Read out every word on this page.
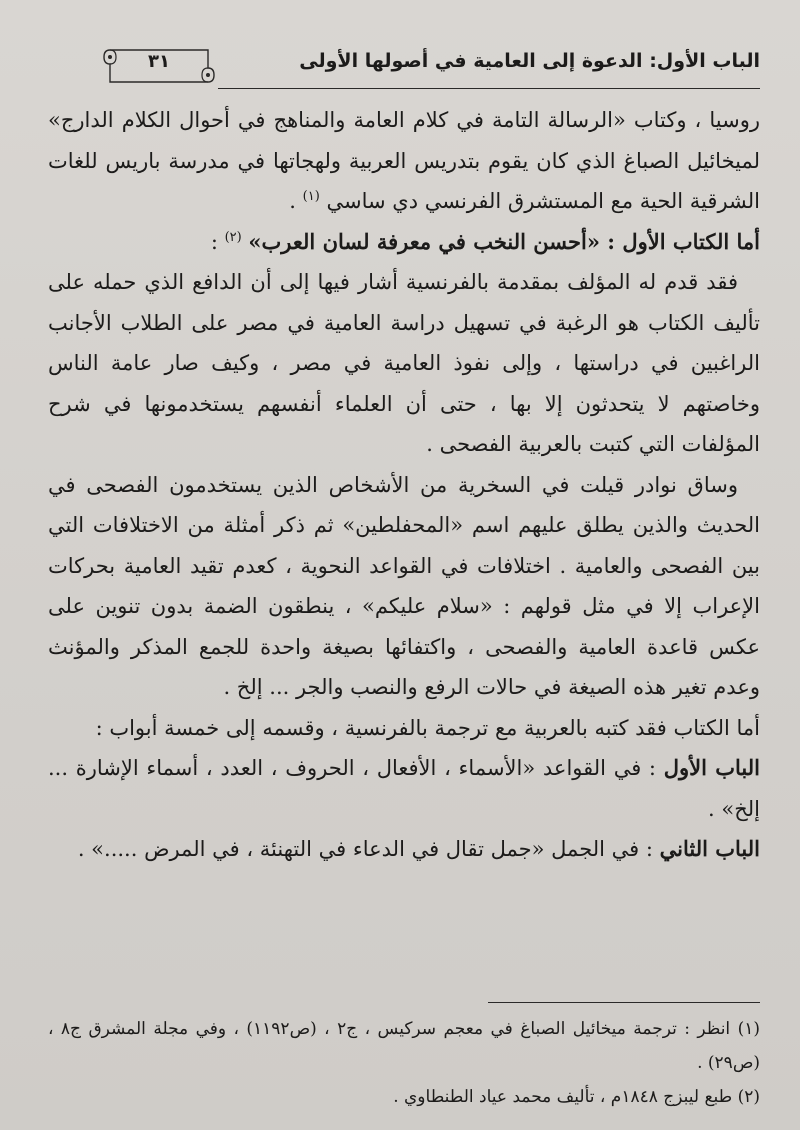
الباب الأول: الدعوة إلى العامية في أصولها الأولى
٣١

روسيا ، وكتاب «الرسالة التامة في كلام العامة والمناهج في أحوال الكلام الدارج» لميخائيل الصباغ الذي كان يقوم بتدريس العربية ولهجاتها في مدرسة باريس للغات الشرقية الحية مع المستشرق الفرنسي دي ساسي $^{(١)}$ .

أما الكتاب الأول : «أحسن النخب في معرفة لسان العرب» $^{(٢)}$ :

فقد قدم له المؤلف بمقدمة بالفرنسية أشار فيها إلى أن الدافع الذي حمله على تأليف الكتاب هو الرغبة في تسهيل دراسة العامية في مصر على الطلاب الأجانب الراغبين في دراستها ، وإلى نفوذ العامية في مصر ، وكيف صار عامة الناس وخاصتهم لا يتحدثون إلا بها ، حتى أن العلماء أنفسهم يستخدمونها في شرح المؤلفات التي كتبت بالعربية الفصحى .

وساق نوادر قيلت في السخرية من الأشخاص الذين يستخدمون الفصحى في الحديث والذين يطلق عليهم اسم «المحفلطين» ثم ذكر أمثلة من الاختلافات التي بين الفصحى والعامية . اختلافات في القواعد النحوية ، كعدم تقيد العامية بحركات الإعراب إلا في مثل قولهم : «سلام عليكم» ، ينطقون الضمة بدون تنوين على عكس قاعدة العامية والفصحى ، واكتفائها بصيغة واحدة للجمع المذكر والمؤنث وعدم تغير هذه الصيغة في حالات الرفع والنصب والجر ... إلخ .

أما الكتاب فقد كتبه بالعربية مع ترجمة بالفرنسية ، وقسمه إلى خمسة أبواب :

الباب الأول : في القواعد «الأسماء ، الأفعال ، الحروف ، العدد ، أسماء الإشارة ... إلخ» .

الباب الثاني : في الجمل «جمل تقال في الدعاء في التهنئة ، في المرض .....» .

(١) انظر : ترجمة ميخائيل الصباغ في معجم سركيس ، ج٢ ، (ص١١٩٢) ، وفي مجلة المشرق ج٨ ، (ص٢٩) .

(٢) طبع ليبزج ١٨٤٨م ، تأليف محمد عياد الطنطاوي .
